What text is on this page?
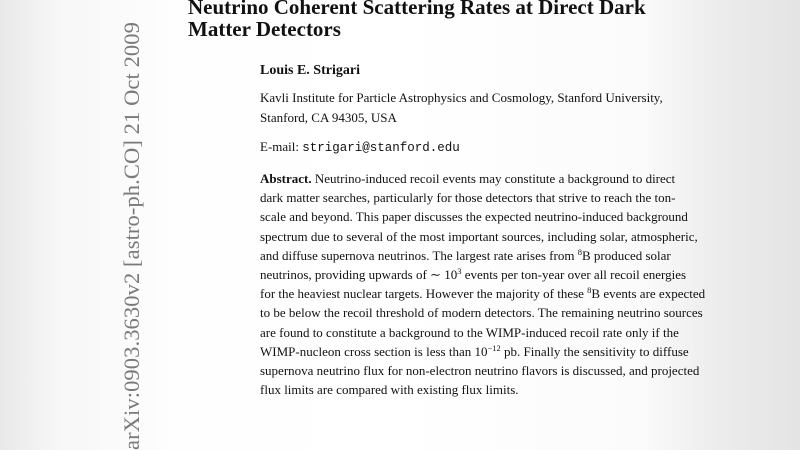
arXiv:0903.3630v2 [astro-ph.CO] 21 Oct 2009
Neutrino Coherent Scattering Rates at Direct Dark
Matter Detectors
Louis E. Strigari
Kavli Institute for Particle Astrophysics and Cosmology, Stanford University,
Stanford, CA 94305, USA
E-mail: strigari@stanford.edu
Abstract. Neutrino-induced recoil events may constitute a background to direct
dark matter searches, particularly for those detectors that strive to reach the ton-
scale and beyond. This paper discusses the expected neutrino-induced background
spectrum due to several of the most important sources, including solar, atmospheric,
and diffuse supernova neutrinos. The largest rate arises from $^8$B produced solar
neutrinos, providing upwards of ∼ $10^3$ events per ton-year over all recoil energies
for the heaviest nuclear targets. However the majority of these $^8$B events are expected
to be below the recoil threshold of modern detectors. The remaining neutrino sources
are found to constitute a background to the WIMP-induced recoil rate only if the
WIMP-nucleon cross section is less than $10^{-12}$ pb. Finally the sensitivity to diffuse
supernova neutrino flux for non-electron neutrino flavors is discussed, and projected
flux limits are compared with existing flux limits.
